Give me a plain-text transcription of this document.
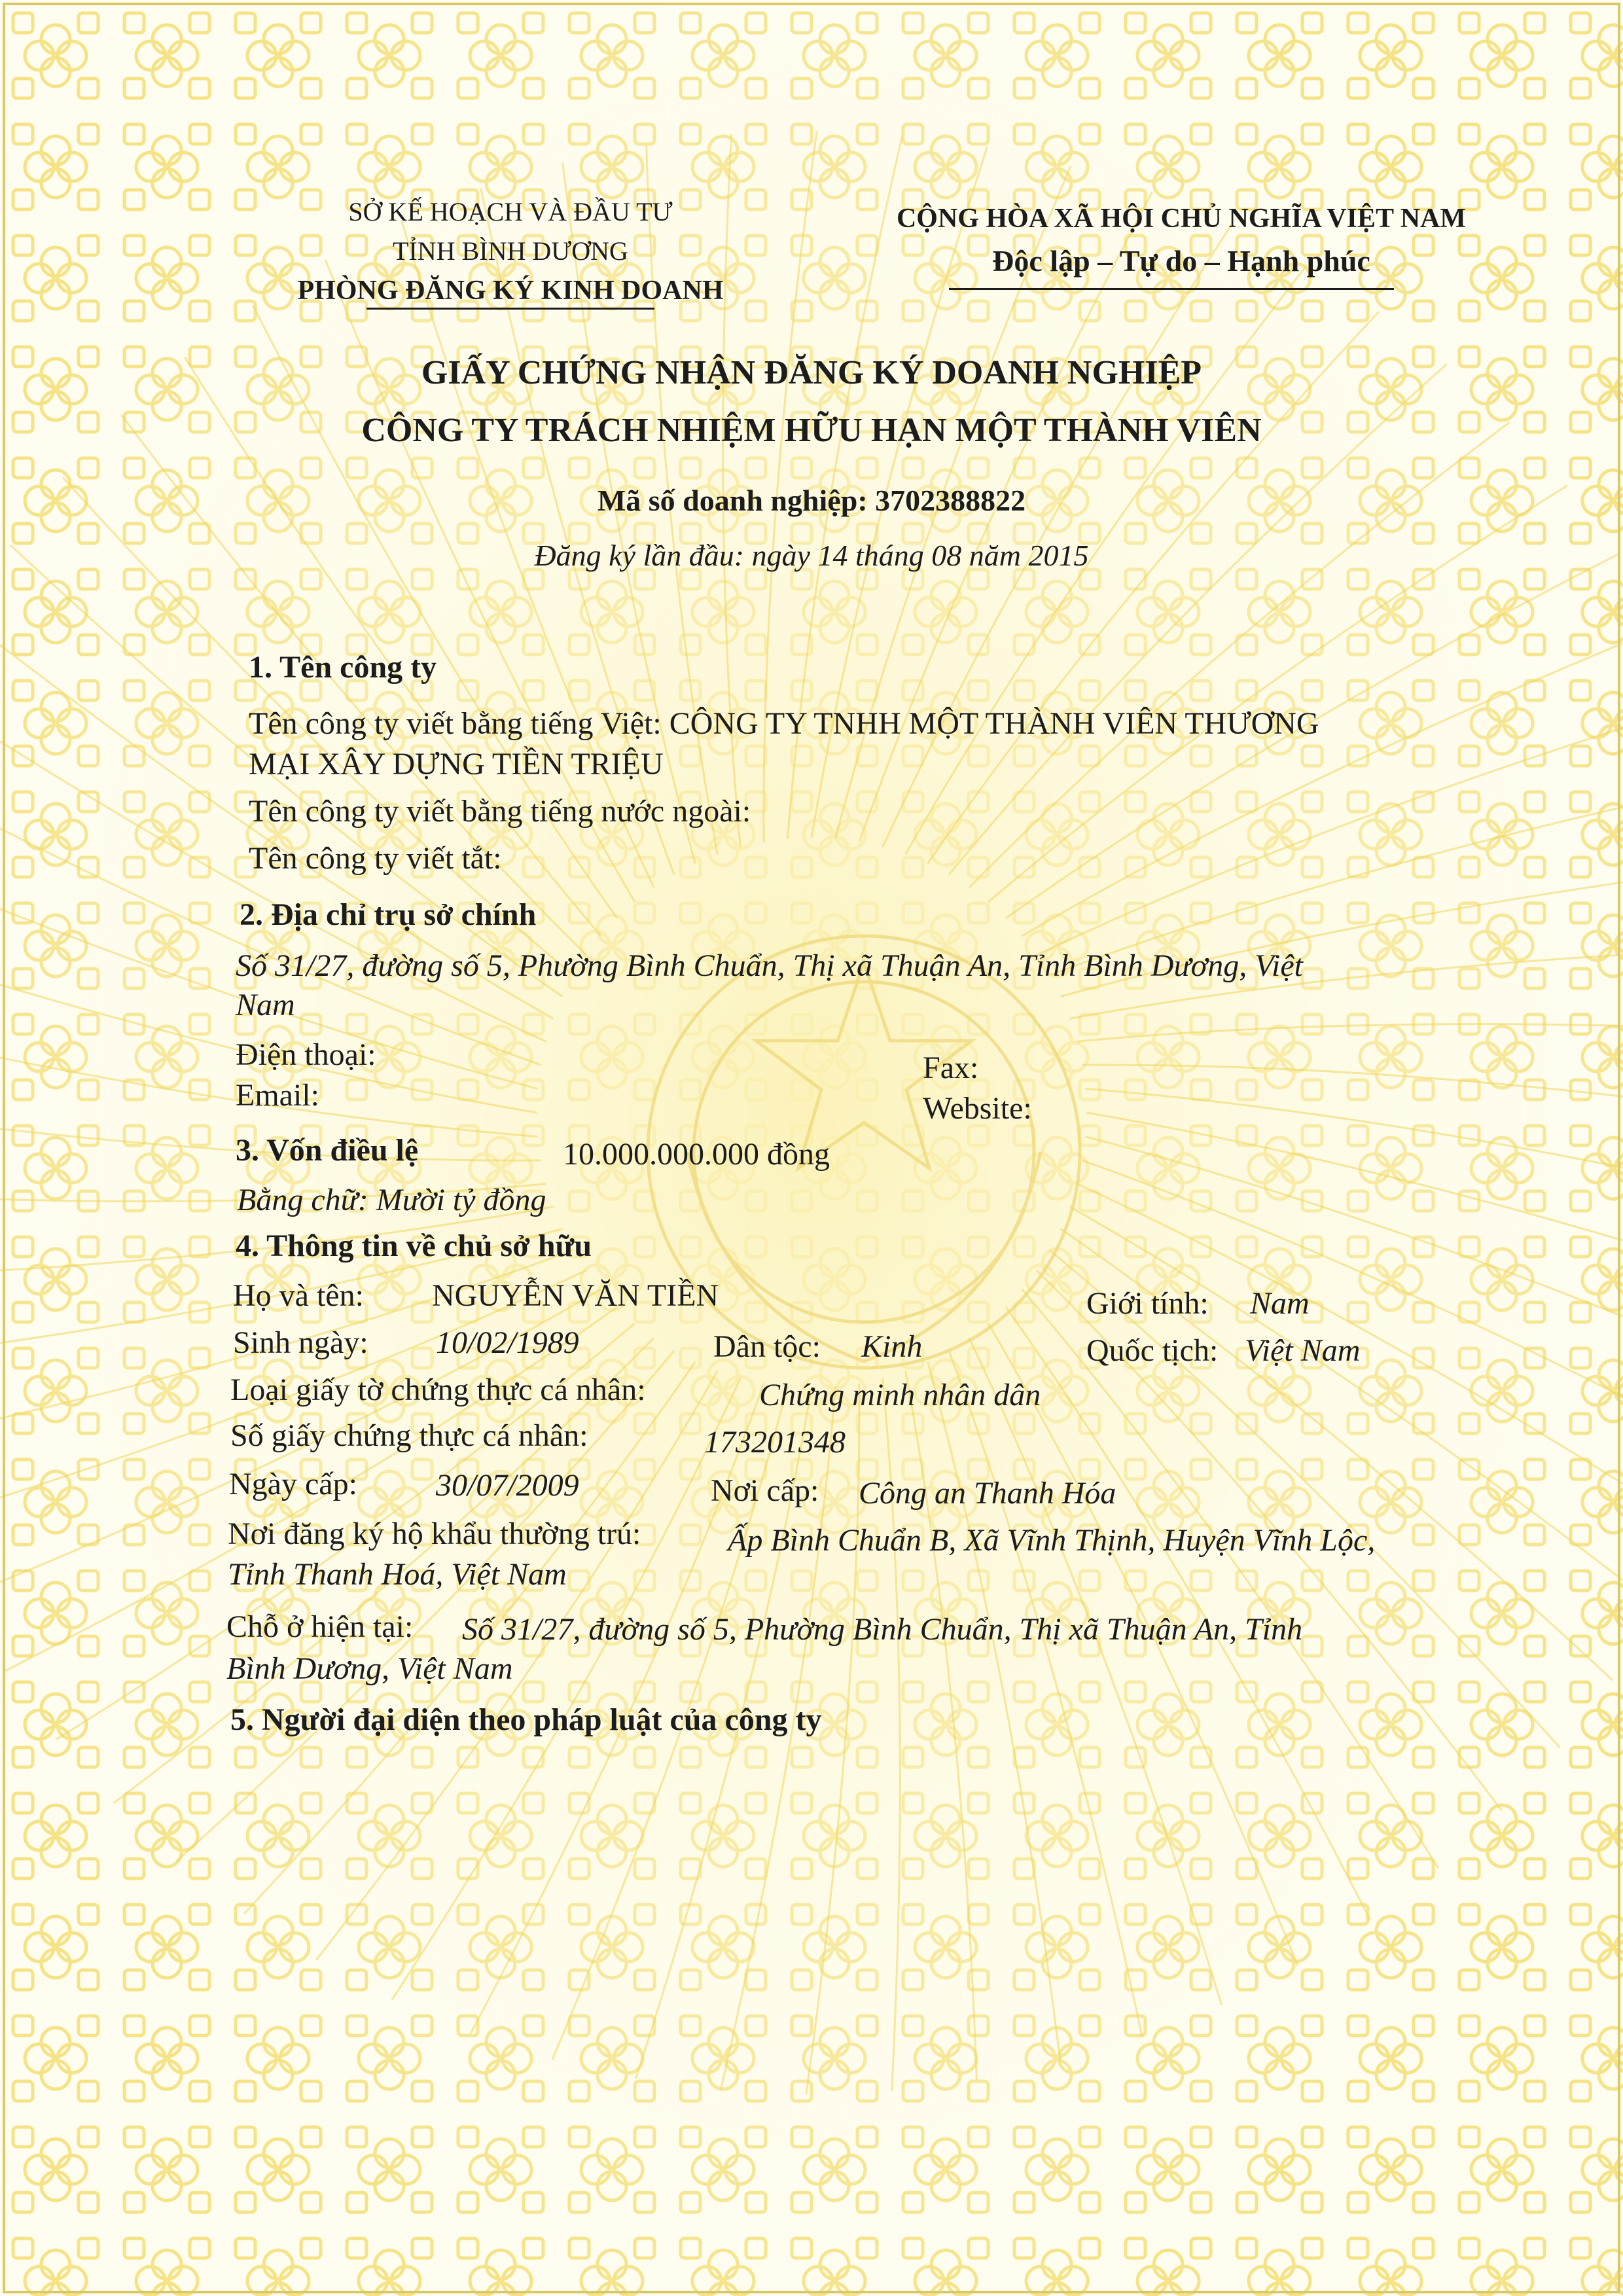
SỞ KẾ HOẠCH VÀ ĐẦU TƯ
TỈNH BÌNH DƯƠNG
PHÒNG ĐĂNG KÝ KINH DOANH
CỘNG HÒA XÃ HỘI CHỦ NGHĨA VIỆT NAM
Độc lập – Tự do – Hạnh phúc
GIẤY CHỨNG NHẬN ĐĂNG KÝ DOANH NGHIỆP
CÔNG TY TRÁCH NHIỆM HỮU HẠN MỘT THÀNH VIÊN
Mã số doanh nghiệp: 3702388822
Đăng ký lần đầu: ngày 14 tháng 08 năm 2015
1. Tên công ty
Tên công ty viết bằng tiếng Việt: CÔNG TY TNHH MỘT THÀNH VIÊN THƯƠNG
MẠI XÂY DỰNG TIỀN TRIỆU
Tên công ty viết bằng tiếng nước ngoài:
Tên công ty viết tắt:
2. Địa chỉ trụ sở chính
Số 31/27, đường số 5, Phường Bình Chuẩn, Thị xã Thuận An, Tỉnh Bình Dương, Việt
Nam
Điện thoại:	Fax:
Email:	Website:
3. Vốn điều lệ	10.000.000.000 đồng
Bằng chữ: Mười tỷ đồng
4. Thông tin về chủ sở hữu
Họ và tên: NGUYỄN VĂN TIỀN	Giới tính: Nam
Sinh ngày: 10/02/1989	Dân tộc: Kinh	Quốc tịch: Việt Nam
Loại giấy tờ chứng thực cá nhân:	Chứng minh nhân dân
Số giấy chứng thực cá nhân:	173201348
Ngày cấp:	30/07/2009	Nơi cấp: Công an Thanh Hóa
Nơi đăng ký hộ khẩu thường trú:	Ấp Bình Chuẩn B, Xã Vĩnh Thịnh, Huyện Vĩnh Lộc,
Tỉnh Thanh Hoá, Việt Nam
Chỗ ở hiện tại: Số 31/27, đường số 5, Phường Bình Chuẩn, Thị xã Thuận An, Tỉnh
Bình Dương, Việt Nam
5. Người đại diện theo pháp luật của công ty
